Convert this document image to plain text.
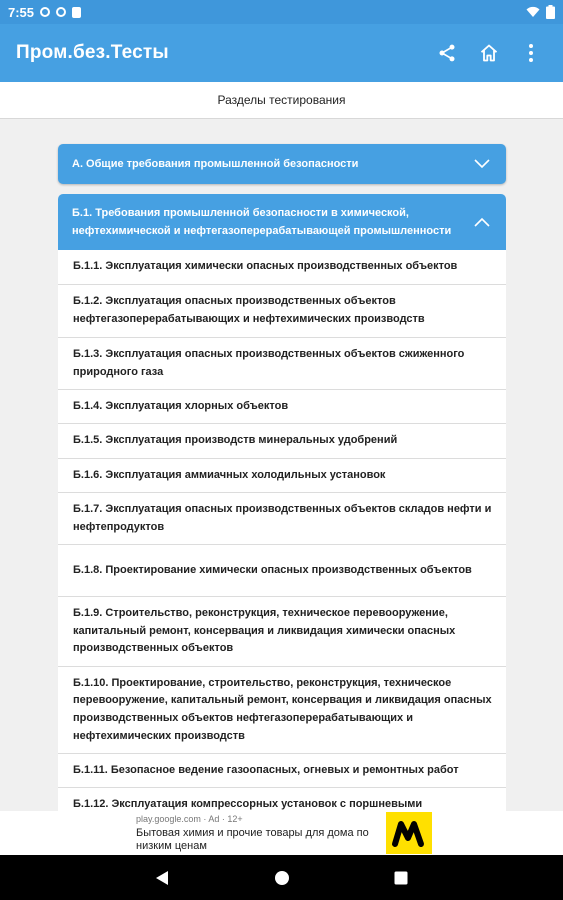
7:55
Пром.без.Тесты
Разделы тестирования
А. Общие требования промышленной безопасности
Б.1. Требования промышленной безопасности в химической, нефтехимической и нефтегазоперерабатывающей промышленности
Б.1.1. Эксплуатация химически опасных производственных объектов
Б.1.2. Эксплуатация опасных производственных объектов нефтегазоперерабатывающих и нефтехимических производств
Б.1.3. Эксплуатация опасных производственных объектов сжиженного природного газа
Б.1.4. Эксплуатация хлорных объектов
Б.1.5. Эксплуатация производств минеральных удобрений
Б.1.6. Эксплуатация аммиачных холодильных установок
Б.1.7. Эксплуатация опасных производственных объектов складов нефти и нефтепродуктов
Б.1.8. Проектирование химически опасных производственных объектов
Б.1.9. Строительство, реконструкция, техническое перевооружение, капитальный ремонт, консервация и ликвидация химически опасных производственных объектов
Б.1.10. Проектирование, строительство, реконструкция, техническое перевооружение, капитальный ремонт, консервация и ликвидация опасных производственных объектов нефтегазоперерабатывающих и нефтехимических производств
Б.1.11. Безопасное ведение газоопасных, огневых и ремонтных работ
Б.1.12. Эксплуатация компрессорных установок с поршневыми
play.google.com · Ad · 12+
Бытовая химия и прочие товары для дома по низким ценам
